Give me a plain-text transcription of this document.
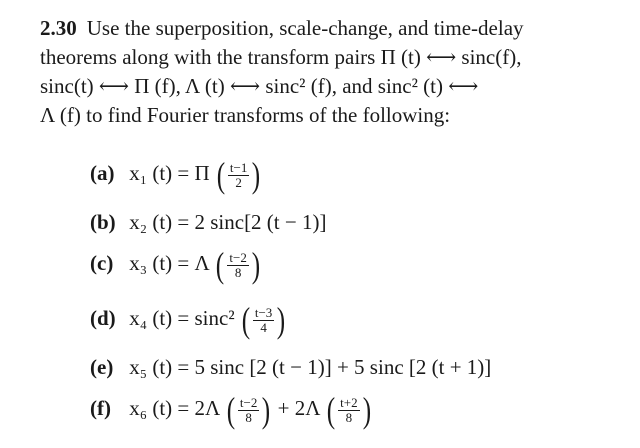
2.30 Use the superposition, scale-change, and time-delay
theorems along with the transform pairs Π (t) ⟷ sinc(f),
sinc(t) ⟷ Π (f), Λ (t) ⟷ sinc² (f), and sinc² (t) ⟷
Λ (f) to find Fourier transforms of the following:
(a) x₁ (t) = Π ( $\frac{t-1}{2}$ )
(b) x₂ (t) = 2 sinc[2 (t − 1)]
(c) x₃ (t) = Λ ( $\frac{t-2}{8}$ )
(d) x₄ (t) = sinc² ( $\frac{t-3}{4}$ )
(e) x₅ (t) = 5 sinc [2 (t − 1)] + 5 sinc [2 (t + 1)]
(f) x₆ (t) = 2Λ ( $\frac{t-2}{8}$ ) + 2Λ ( $\frac{t+2}{8}$ )
